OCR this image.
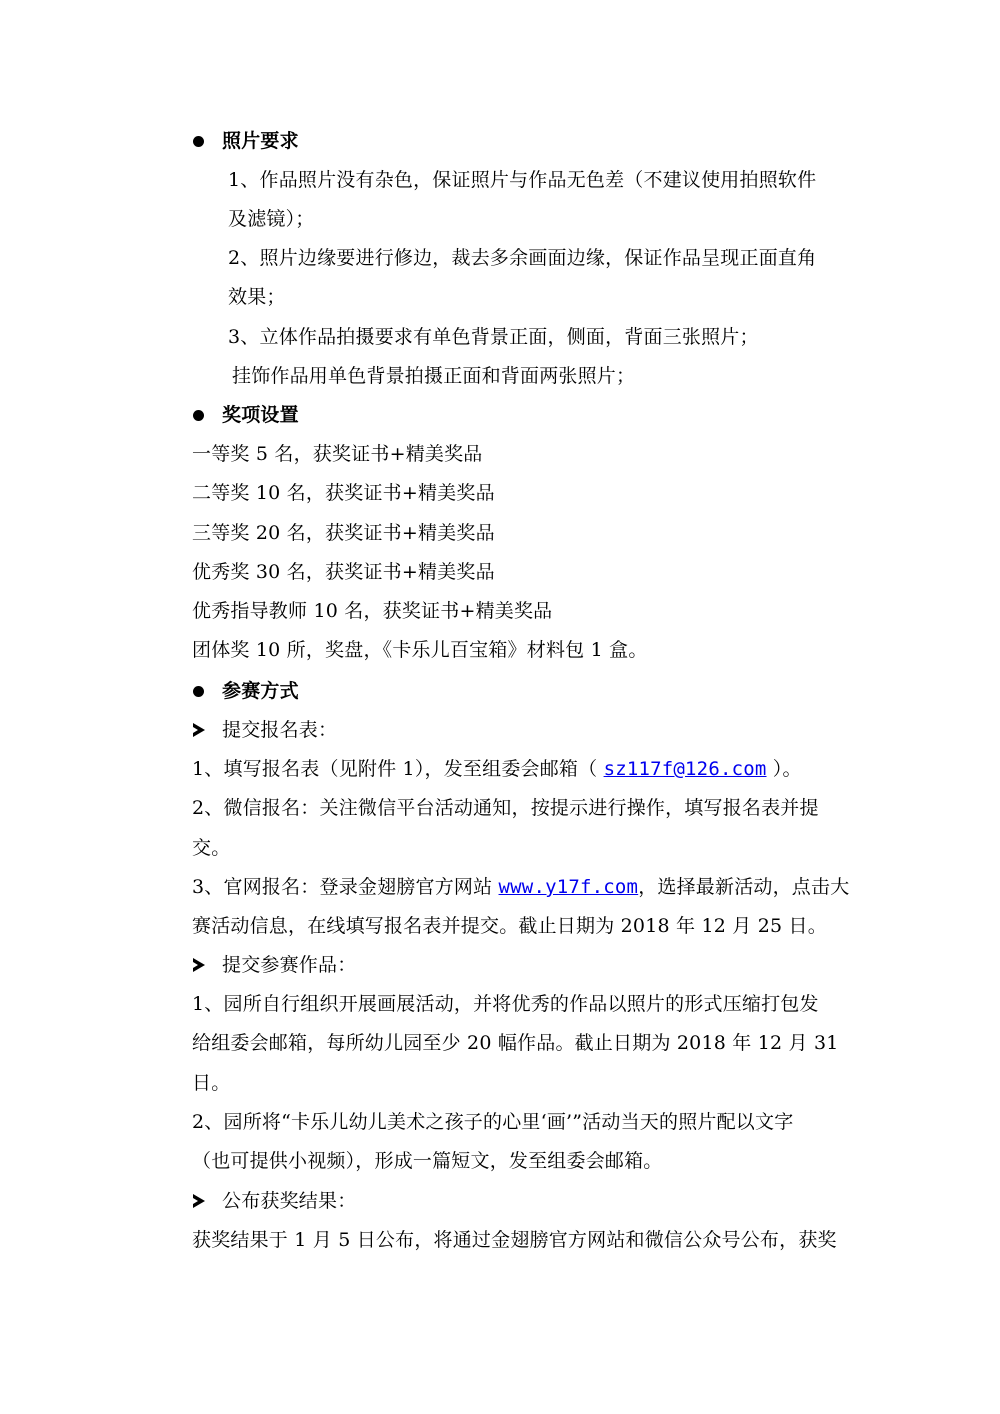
照片要求
1、作品照片没有杂色，保证照片与作品无色差（不建议使用拍照软件
及滤镜）；
2、照片边缘要进行修边，裁去多余画面边缘，保证作品呈现正面直角
效果；
3、立体作品拍摄要求有单色背景正面，侧面，背面三张照片；
挂饰作品用单色背景拍摄正面和背面两张照片；
奖项设置
一等奖 5 名，获奖证书+精美奖品
二等奖 10 名，获奖证书+精美奖品
三等奖 20 名，获奖证书+精美奖品
优秀奖 30 名，获奖证书+精美奖品
优秀指导教师 10 名，获奖证书+精美奖品
团体奖 10 所，奖盘，《卡乐儿百宝箱》材料包 1 盒。
参赛方式
提交报名表：
1、填写报名表（见附件 1），发至组委会邮箱（ sz117f@126.com ）。
2、微信报名：关注微信平台活动通知，按提示进行操作，填写报名表并提
交。
3、官网报名：登录金翅膀官方网站 www.y17f.com，选择最新活动，点击大
赛活动信息，在线填写报名表并提交。截止日期为 2018 年 12 月 25 日。
提交参赛作品：
1、园所自行组织开展画展活动，并将优秀的作品以照片的形式压缩打包发
给组委会邮箱，每所幼儿园至少 20 幅作品。截止日期为 2018 年 12 月 31
日。
2、园所将“卡乐儿幼儿美术之孩子的心里‘画’”活动当天的照片配以文字
（也可提供小视频），形成一篇短文，发至组委会邮箱。
公布获奖结果：
获奖结果于 1 月 5 日公布，将通过金翅膀官方网站和微信公众号公布，获奖
